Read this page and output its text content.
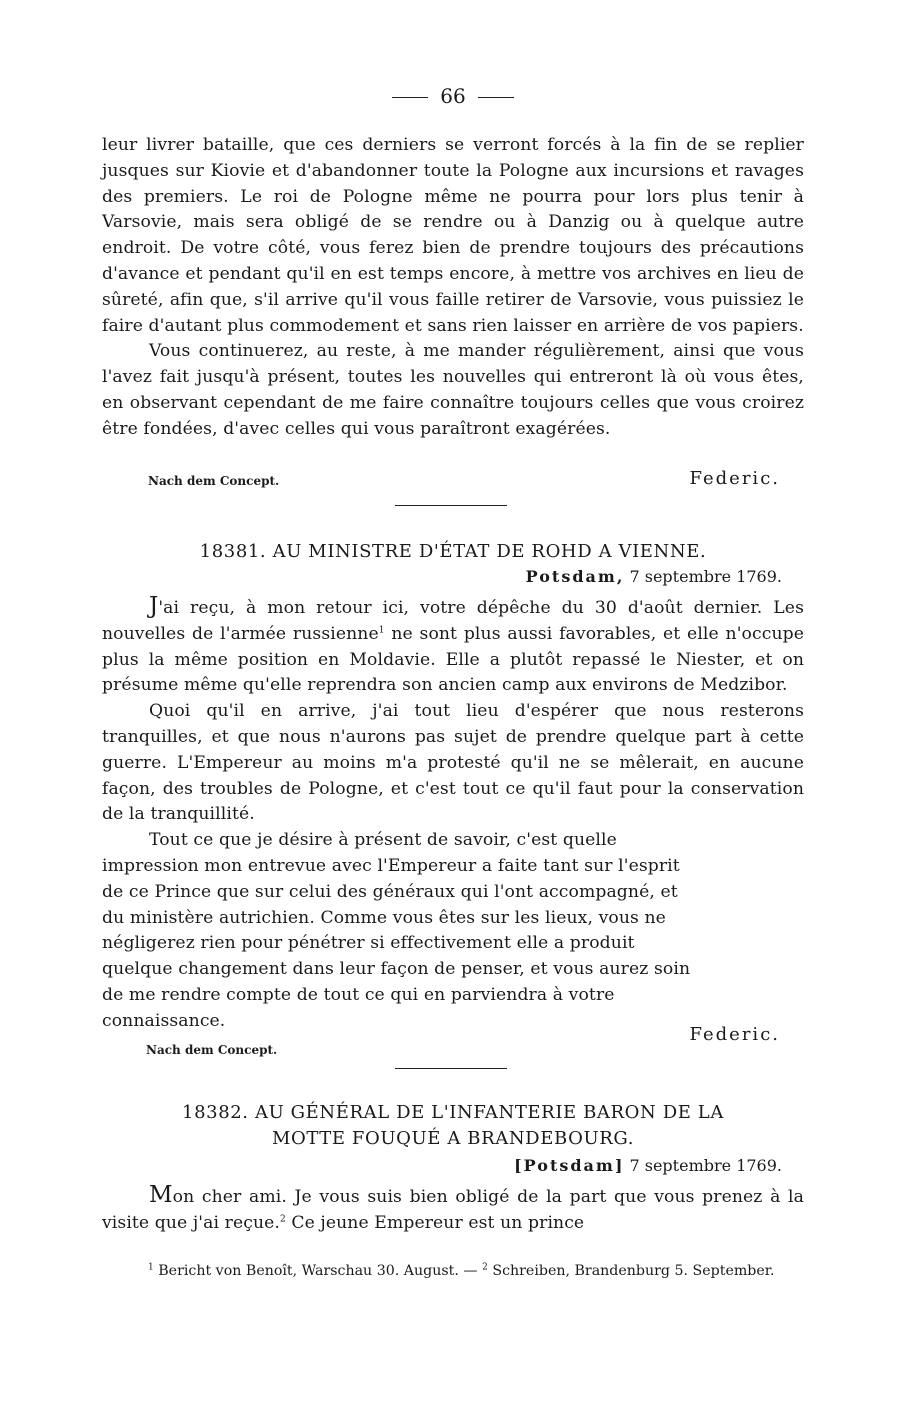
66

leur livrer bataille, que ces derniers se verront forcés à la fin de se replier jusques sur Kiovie et d'abandonner toute la Pologne aux incursions et ravages des premiers. Le roi de Pologne même ne pourra pour lors plus tenir à Varsovie, mais sera obligé de se rendre ou à Danzig ou à quelque autre endroit. De votre côté, vous ferez bien de prendre toujours des précautions d'avance et pendant qu'il en est temps encore, à mettre vos archives en lieu de sûreté, afin que, s'il arrive qu'il vous faille retirer de Varsovie, vous puissiez le faire d'autant plus commodement et sans rien laisser en arrière de vos papiers.

Vous continuerez, au reste, à me mander régulièrement, ainsi que vous l'avez fait jusqu'à présent, toutes les nouvelles qui entreront là où vous êtes, en observant cependant de me faire connaître toujours celles que vous croirez être fondées, d'avec celles qui vous paraîtront exagérées.

Nach dem Concept.	Federic.
18381. AU MINISTRE D'ÉTAT DE ROHD A VIENNE.
Potsdam, 7 septembre 1769.

J'ai reçu, à mon retour ici, votre dépêche du 30 d'août dernier. Les nouvelles de l'armée russienne$^1$ ne sont plus aussi favorables, et elle n'occupe plus la même position en Moldavie. Elle a plutôt repassé le Niester, et on présume même qu'elle reprendra son ancien camp aux environs de Medzibor.

Quoi qu'il en arrive, j'ai tout lieu d'espérer que nous resterons tranquilles, et que nous n'aurons pas sujet de prendre quelque part à cette guerre. L'Empereur au moins m'a protesté qu'il ne se mêlerait, en aucune façon, des troubles de Pologne, et c'est tout ce qu'il faut pour la conservation de la tranquillité.

Tout ce que je désire à présent de savoir, c'est quelle impression mon entrevue avec l'Empereur a faite tant sur l'esprit de ce Prince que sur celui des généraux qui l'ont accompagné, et du ministère autrichien. Comme vous êtes sur les lieux, vous ne négligerez rien pour pénétrer si effectivement elle a produit quelque changement dans leur façon de penser, et vous aurez soin de me rendre compte de tout ce qui en parviendra à votre connaissance.

Federic.
Nach dem Concept.
18382. AU GÉNÉRAL DE L'INFANTERIE BARON DE LA
MOTTE FOUQUÉ A BRANDEBOURG.
[Potsdam] 7 septembre 1769.

Mon cher ami. Je vous suis bien obligé de la part que vous prenez à la visite que j'ai reçue.$^2$ Ce jeune Empereur est un prince

$^1$ Bericht von Benoît, Warschau 30. August. — $^2$ Schreiben, Brandenburg 5. September.
